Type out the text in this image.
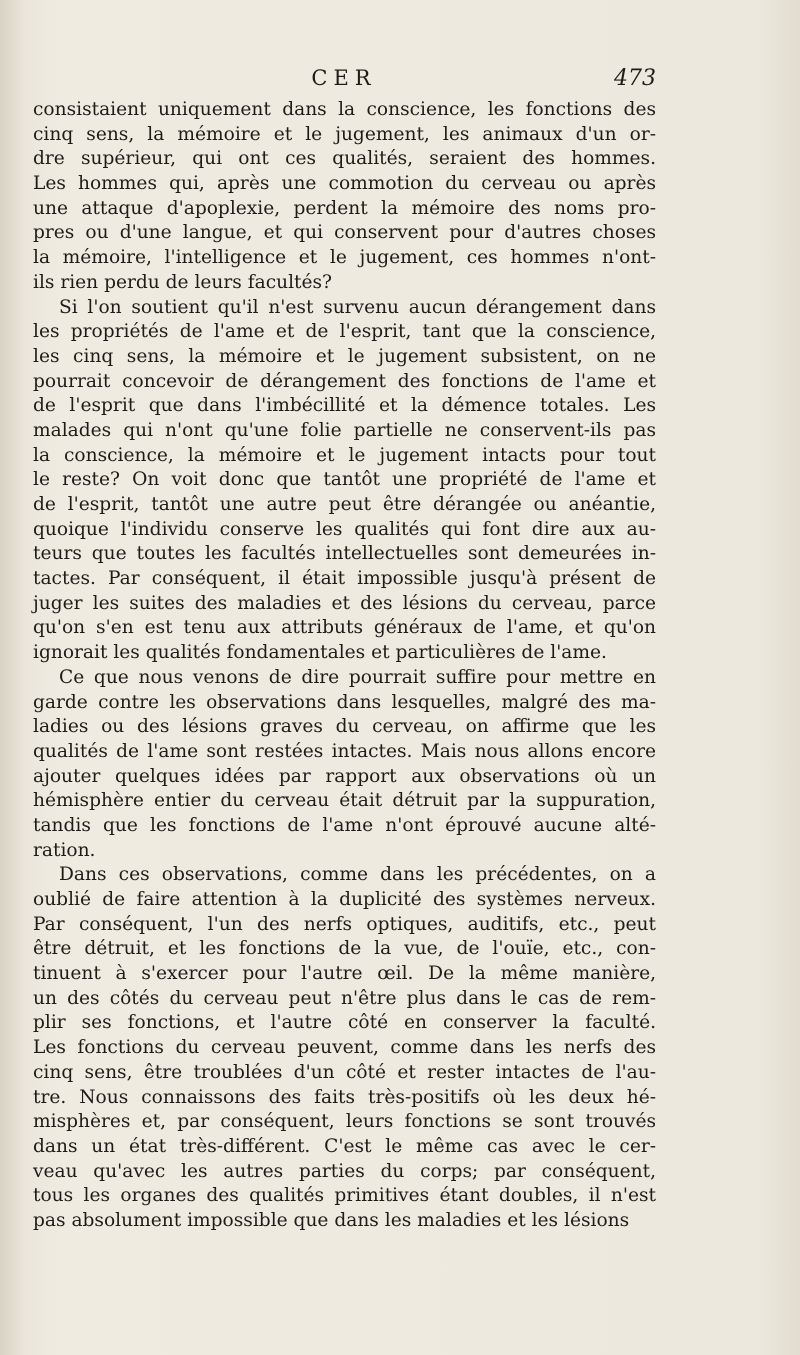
CER	473
consistaient uniquement dans la conscience, les fonctions des
cinq sens, la mémoire et le jugement, les animaux d'un or-
dre supérieur, qui ont ces qualités, seraient des hommes.
Les hommes qui, après une commotion du cerveau ou après
une attaque d'apoplexie, perdent la mémoire des noms pro-
pres ou d'une langue, et qui conservent pour d'autres choses
la mémoire, l'intelligence et le jugement, ces hommes n'ont-
ils rien perdu de leurs facultés?
Si l'on soutient qu'il n'est survenu aucun dérangement dans
les propriétés de l'ame et de l'esprit, tant que la conscience,
les cinq sens, la mémoire et le jugement subsistent, on ne
pourrait concevoir de dérangement des fonctions de l'ame et
de l'esprit que dans l'imbécillité et la démence totales. Les
malades qui n'ont qu'une folie partielle ne conservent-ils pas
la conscience, la mémoire et le jugement intacts pour tout
le reste? On voit donc que tantôt une propriété de l'ame et
de l'esprit, tantôt une autre peut être dérangée ou anéantie,
quoique l'individu conserve les qualités qui font dire aux au-
teurs que toutes les facultés intellectuelles sont demeurées in-
tactes. Par conséquent, il était impossible jusqu'à présent de
juger les suites des maladies et des lésions du cerveau, parce
qu'on s'en est tenu aux attributs généraux de l'ame, et qu'on
ignorait les qualités fondamentales et particulières de l'ame.
Ce que nous venons de dire pourrait suffire pour mettre en
garde contre les observations dans lesquelles, malgré des ma-
ladies ou des lésions graves du cerveau, on affirme que les
qualités de l'ame sont restées intactes. Mais nous allons encore
ajouter quelques idées par rapport aux observations où un
hémisphère entier du cerveau était détruit par la suppuration,
tandis que les fonctions de l'ame n'ont éprouvé aucune alté-
ration.
Dans ces observations, comme dans les précédentes, on a
oublié de faire attention à la duplicité des systèmes nerveux.
Par conséquent, l'un des nerfs optiques, auditifs, etc., peut
être détruit, et les fonctions de la vue, de l'ouïe, etc., con-
tinuent à s'exercer pour l'autre œil. De la même manière,
un des côtés du cerveau peut n'être plus dans le cas de rem-
plir ses fonctions, et l'autre côté en conserver la faculté.
Les fonctions du cerveau peuvent, comme dans les nerfs des
cinq sens, être troublées d'un côté et rester intactes de l'au-
tre. Nous connaissons des faits très-positifs où les deux hé-
misphères et, par conséquent, leurs fonctions se sont trouvés
dans un état très-différent. C'est le même cas avec le cer-
veau qu'avec les autres parties du corps; par conséquent,
tous les organes des qualités primitives étant doubles, il n'est
pas absolument impossible que dans les maladies et les lésions
